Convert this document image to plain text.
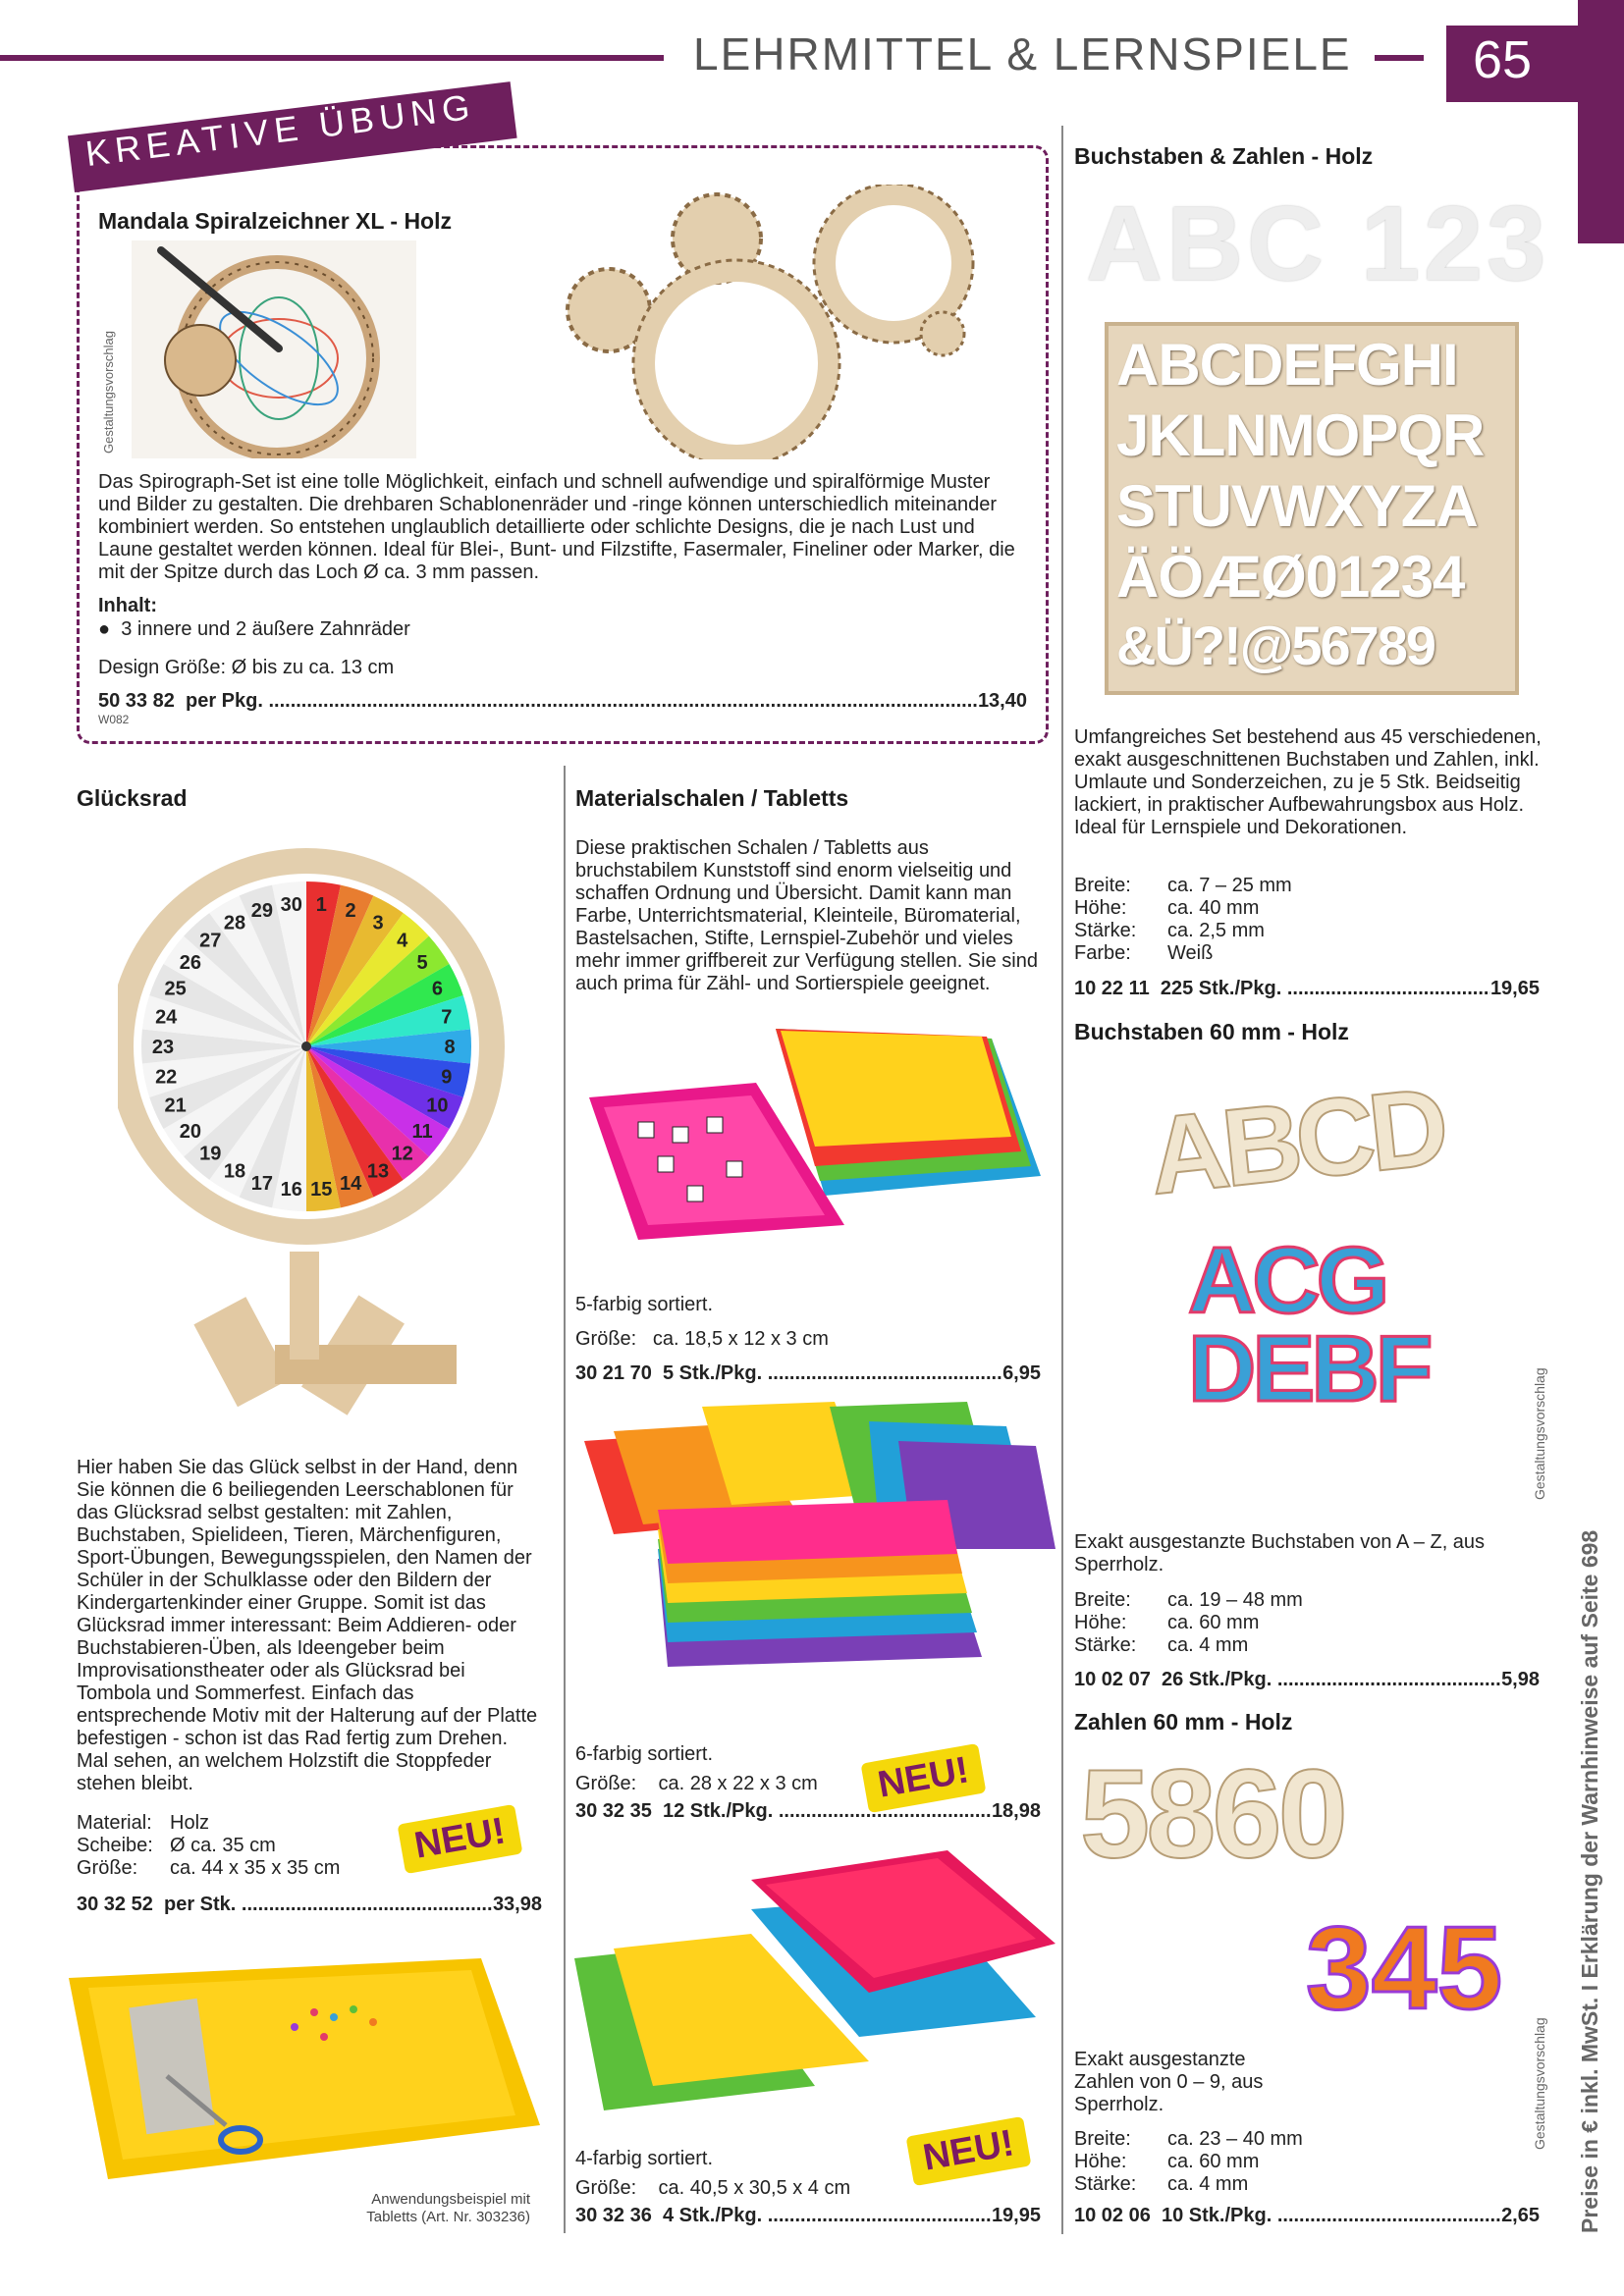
LEHRMITTEL & LERNSPIELE 65
Preise in € inkl. MwSt. I Erklärung der Warnhinweise auf Seite 698
KREATIVE ÜBUNG
Mandala Spiralzeichner XL - Holz
Gestaltungsvorschlag
Das Spirograph-Set ist eine tolle Möglichkeit, einfach und schnell aufwendige und spiralförmige Muster und Bilder zu gestalten. Die drehbaren Schablonenräder und -ringe können unterschiedlich miteinander kombiniert werden. So entstehen unglaublich detaillierte oder schlichte Designs, die je nach Lust und Laune gestaltet werden können. Ideal für Blei-, Bunt- und Filzstifte, Fasermaler, Fineliner oder Marker, die mit der Spitze durch das Loch Ø ca. 3 mm passen.
Inhalt:
●  3 innere und 2 äußere Zahnräder
Design Größe: Ø bis zu ca. 13 cm
50 33 82
per Pkg.
.....	13,40
W082
Glücksrad
1 2
3
4
5
6
7
8
9
10
11
12
13
14
15
16
17
18
19
20
21
22
23
24
25
26
27
28
29 30
Hier haben Sie das Glück selbst in der Hand, denn Sie können die 6 beiliegenden Leerschablonen für das Glücksrad selbst gestalten: mit Zahlen, Buchstaben, Spielideen, Tieren, Märchenfiguren, Sport-Übungen, Bewegungsspielen, den Namen der Schüler in der Schulklasse oder den Bildern der Kindergartenkinder einer Gruppe. Somit ist das Glücksrad immer interessant: Beim Addieren- oder Buchstabieren-Üben, als Ideengeber beim Improvisationstheater oder als Glücksrad bei Tombola und Sommerfest. Einfach das entsprechende Motiv mit der Halterung auf der Platte befestigen - schon ist das Rad fertig zum Drehen. Mal sehen, an welchem Holzstift die Stoppfeder stehen bleibt.
Material: Holz
Scheibe: Ø ca. 35 cm
Größe:	ca. 44 x 35 x 35 cm
NEU!
30 32 52
per Stk.
.....	33,98
Anwendungsbeispiel mit Tabletts (Art. Nr. 303236)
Materialschalen / Tabletts
Diese praktischen Schalen / Tabletts aus bruchstabilem Kunststoff sind enorm vielseitig und schaffen Ordnung und Übersicht. Damit kann man Farbe, Unterrichtsmaterial, Kleinteile, Büromaterial, Bastelsachen, Stifte, Lernspiel-Zubehör und vieles mehr immer griffbereit zur Verfügung stellen. Sie sind auch prima für Zähl- und Sortierspiele geeignet.
5-farbig sortiert.
Größe: ca. 18,5 x 12 x 3 cm
30 21 70
5 Stk./Pkg.
.....	6,95
6-farbig sortiert.
Größe: ca. 28 x 22 x 3 cm	NEU!
30 32 35
12 Stk./Pkg.
.....	18,98
4-farbig sortiert.
Größe: ca. 40,5 x 30,5 x 4 cm
NEU!
30 32 36
4 Stk./Pkg.
.....	19,95
Buchstaben & Zahlen - Holz
ABC 123
ABCDEFGHI
JKLNMOPQR
STUVWXYZA
ÄÖÆØ01234
&Ü?!@56789
Umfangreiches Set bestehend aus 45 verschiedenen, exakt ausgeschnittenen Buchstaben und Zahlen, inkl. Umlaute und Sonderzeichen, zu je 5 Stk. Beidseitig lackiert, in praktischer Aufbewahrungsbox aus Holz. Ideal für Lernspiele und Dekorationen.
Breite:	ca. 7 – 25 mm
Höhe:	ca. 40 mm
Stärke:	ca. 2,5 mm
Farbe:	Weiß
10 22 11
225 Stk./Pkg.
.....	19,65
Buchstaben 60 mm - Holz
ABCD
ACGDEBF	Gestaltungsvorschlag
Exakt ausgestanzte Buchstaben von A – Z, aus Sperrholz.
Breite:	ca. 19 – 48 mm
Höhe:	ca. 60 mm
Stärke:	ca. 4 mm
10 02 07
26 Stk./Pkg.
.....	5,98
Zahlen 60 mm - Holz
5860
345
Gestaltungsvorschlag
Exakt ausgestanzte Zahlen von 0 – 9, aus Sperrholz.
Breite:	ca. 23 – 40 mm
Höhe:	ca. 60 mm
Stärke:	ca. 4 mm
10 02 06
10 Stk./Pkg.
.....	2,65
